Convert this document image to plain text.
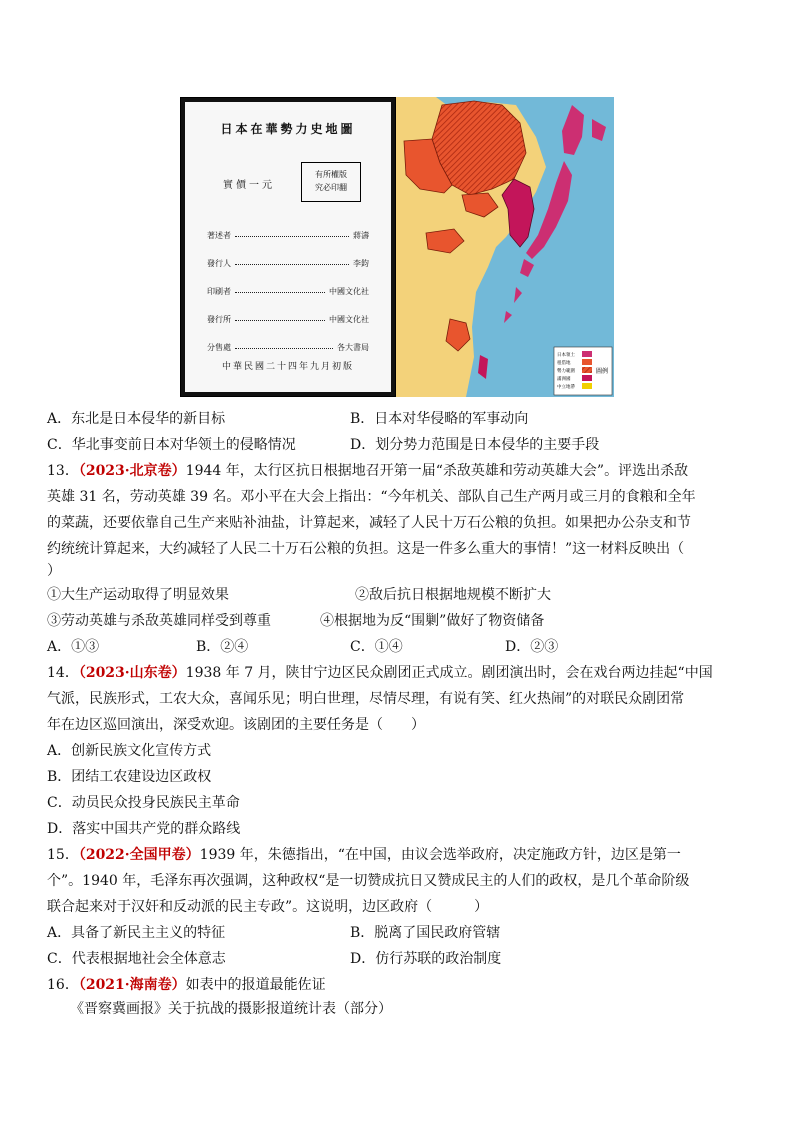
日本在華勢力史地圖
實價一元
有所權版
究必印翻
著述者	蔣濤
發行人	李鈞
印刷者	中國文化社
發行所	中國文化社
分售處	各大書局
中華民國二十四年九月初版
日本領土
租借地
勢力範圍
滿洲國
中立地帶
圖例
A．东北是日本侵华的新目标	B．日本对华侵略的军事动向
C．华北事变前日本对华领土的侵略情况	D．划分势力范围是日本侵华的主要手段
13．（2023·北京卷）1944 年，太行区抗日根据地召开第一届“杀敌英雄和劳动英雄大会”。评选出杀敌
英雄 31 名，劳动英雄 39 名。邓小平在大会上指出：“今年机关、部队自己生产两月或三月的食粮和全年
的菜蔬，还要依靠自己生产来贴补油盐，计算起来，减轻了人民十万石公粮的负担。如果把办公杂支和节
约统统计算起来，大约减轻了人民二十万石公粮的负担。这是一件多么重大的事情！”这一材料反映出（
）
①大生产运动取得了明显效果	②敌后抗日根据地规模不断扩大
③劳动英雄与杀敌英雄同样受到尊重	④根据地为反“围剿”做好了物资储备
A．①③	B．②④	C．①④	D．②③
14．（2023·山东卷）1938 年 7 月，陕甘宁边区民众剧团正式成立。剧团演出时，会在戏台两边挂起“中国
气派，民族形式，工农大众，喜闻乐见；明白世理，尽情尽理，有说有笑、红火热闹”的对联民众剧团常
年在边区巡回演出，深受欢迎。该剧团的主要任务是（　　）
A．创新民族文化宣传方式
B．团结工农建设边区政权
C．动员民众投身民族民主革命
D．落实中国共产党的群众路线
15．（2022·全国甲卷）1939 年，朱德指出，“在中国，由议会选举政府，决定施政方针，边区是第一
个”。1940 年，毛泽东再次强调，这种政权“是一切赞成抗日又赞成民主的人们的政权，是几个革命阶级
联合起来对于汉奸和反动派的民主专政”。这说明，边区政府（　　　）
A．具备了新民主主义的特征	B．脱离了国民政府管辖
C．代表根据地社会全体意志	D．仿行苏联的政治制度
16．（2021·海南卷）如表中的报道最能佐证
《晋察冀画报》关于抗战的摄影报道统计表（部分）
